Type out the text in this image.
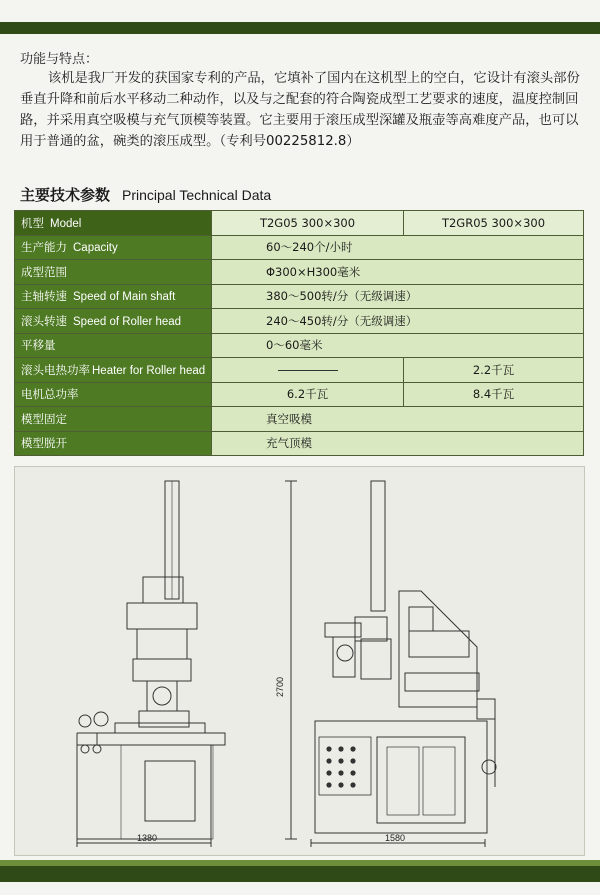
功能与特点：
该机是我厂开发的获国家专利的产品，它填补了国内在这机型上的空白，它设计有滚头部份垂直升降和前后水平移动二种动作，以及与之配套的符合陶瓷成型工艺要求的速度，温度控制回路，并采用真空吸模与充气顶模等装置。它主要用于滚压成型深罐及瓶壶等高难度产品，也可以用于普通的盆，碗类的滚压成型。（专利号00225812.8）
主要技术参数 Principal Technical Data
机型 Model	T2G05 300×300	T2GR05 300×300
生产能力 Capacity	60～240个/小时	
成型范围	Φ300×H300毫米	
主轴转速 Speed of Main shaft	380～500转/分（无级调速）	
滚头转速 Speed of Roller head	240～450转/分（无级调速）	
平移量	0～60毫米	
滚头电热功率 Heater for Roller head		2.2千瓦
电机总功率	6.2千瓦	8.4千瓦
模型固定	真空吸模	
模型脱开	充气顶模	
1380	1580
2700
